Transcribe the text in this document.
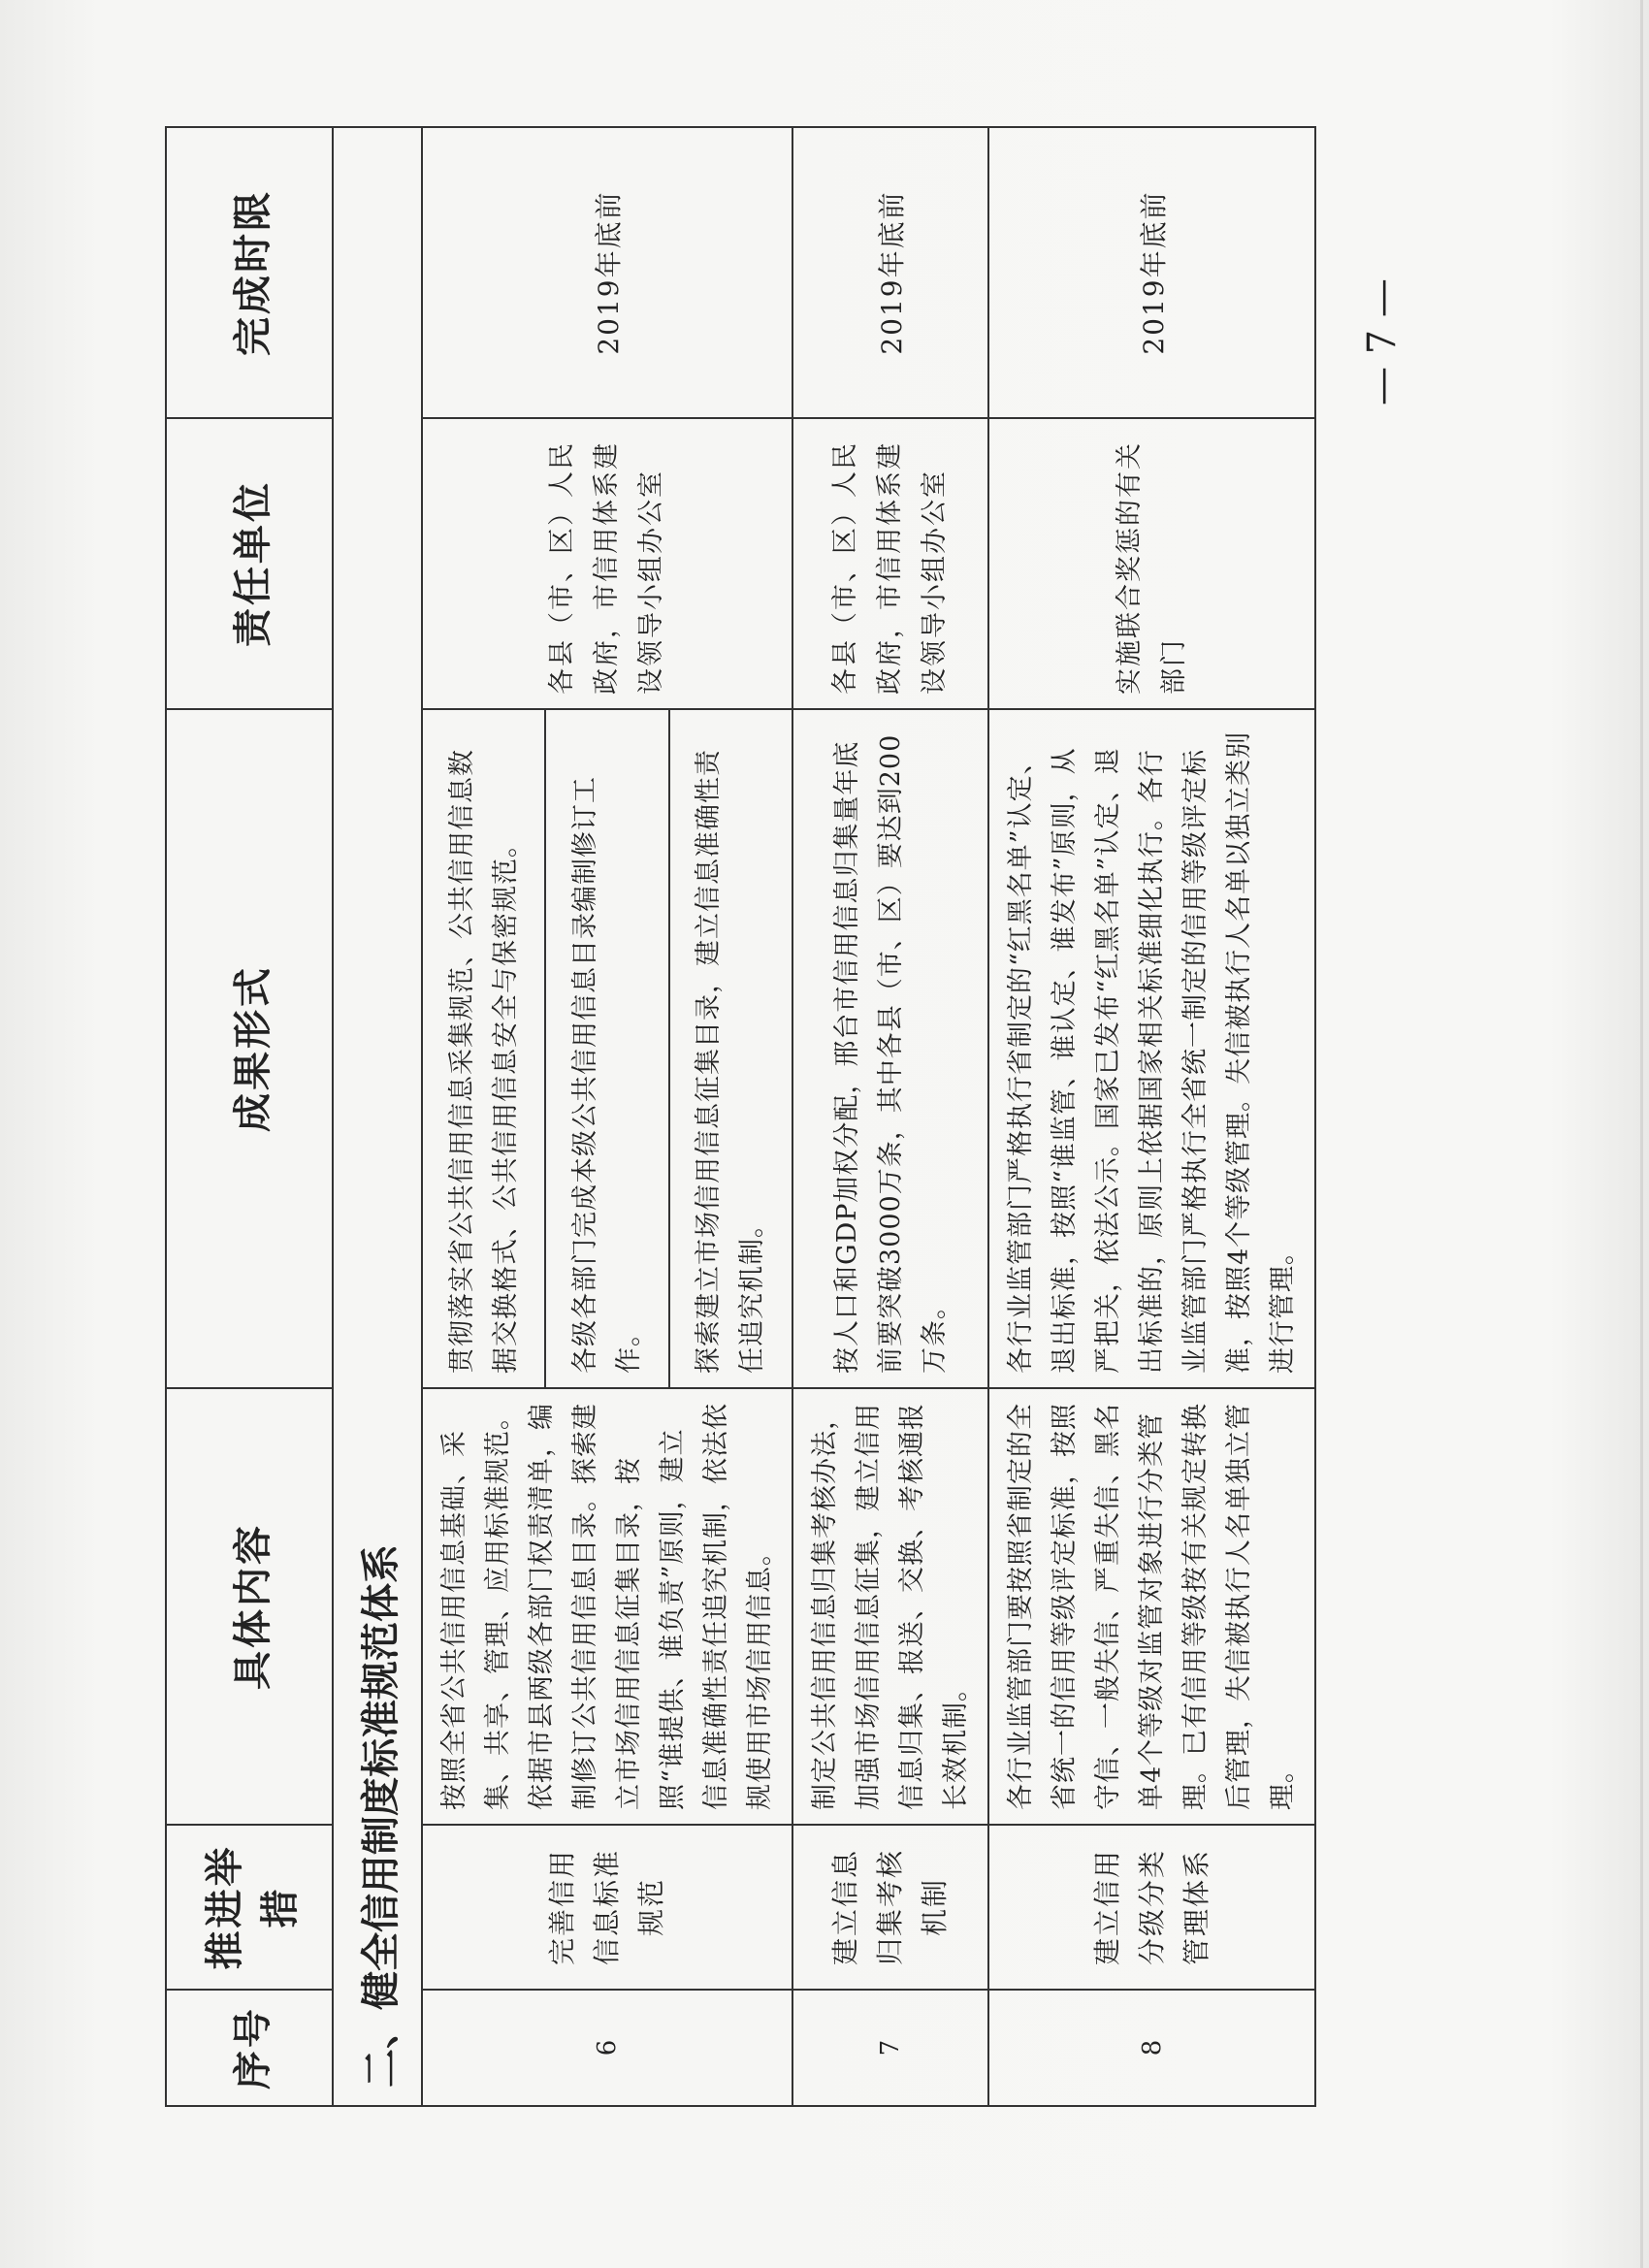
序号	推进举措	具体内容	成果形式	责任单位	完成时限
二、健全信用制度标准规范体系					
6	完善信用信息标准规范	按照全省公共信用信息基础、采集、共享、管理、应用标准规范。依据市县两级各部门权责清单，编制修订公共信用信息目录。探索建立市场信用信息征集目录，按照“谁提供、谁负责”原则，建立信息准确性责任追究机制，依法依规使用市场信用信息。	贯彻落实省公共信用信息采集规范、公共信用信息数据交换格式、公共信用信息安全与保密规范。	各县（市、区）人民政府，市信用体系建设领导小组办公室	2019年底前
			各级各部门完成本级公共信用信息目录编制修订工作。		
			探索建立市场信用信息征集目录，建立信息准确性责任追究机制。		
7	建立信息归集考核机制	制定公共信用信息归集考核办法，加强市场信用信息征集，建立信用信息归集、报送、交换、考核通报长效机制。	按人口和GDP加权分配，邢台市信用信息归集量年底前要突破3000万条，其中各县（市、区）要达到200万条。	各县（市、区）人民政府，市信用体系建设领导小组办公室	2019年底前
8	建立信用分级分类管理体系	各行业监管部门要按照省制定的全省统一的信用等级评定标准，按照守信、一般失信、严重失信、黑名单4个等级对监管对象进行分类管理。已有信用等级按有关规定转换后管理，失信被执行人名单独立管理。	各行业监管部门严格执行省制定的“红黑名单”认定、退出标准，按照“谁监管、谁认定、谁发布”原则，从严把关，依法公示。国家已发布“红黑名单”认定、退出标准的，原则上依据国家相关标准细化执行。各行业监管部门严格执行全省统一制定的信用等级评定标准，按照4个等级管理。失信被执行人名单以独立类别进行管理。	实施联合奖惩的有关部门	2019年底前	— 7 —
